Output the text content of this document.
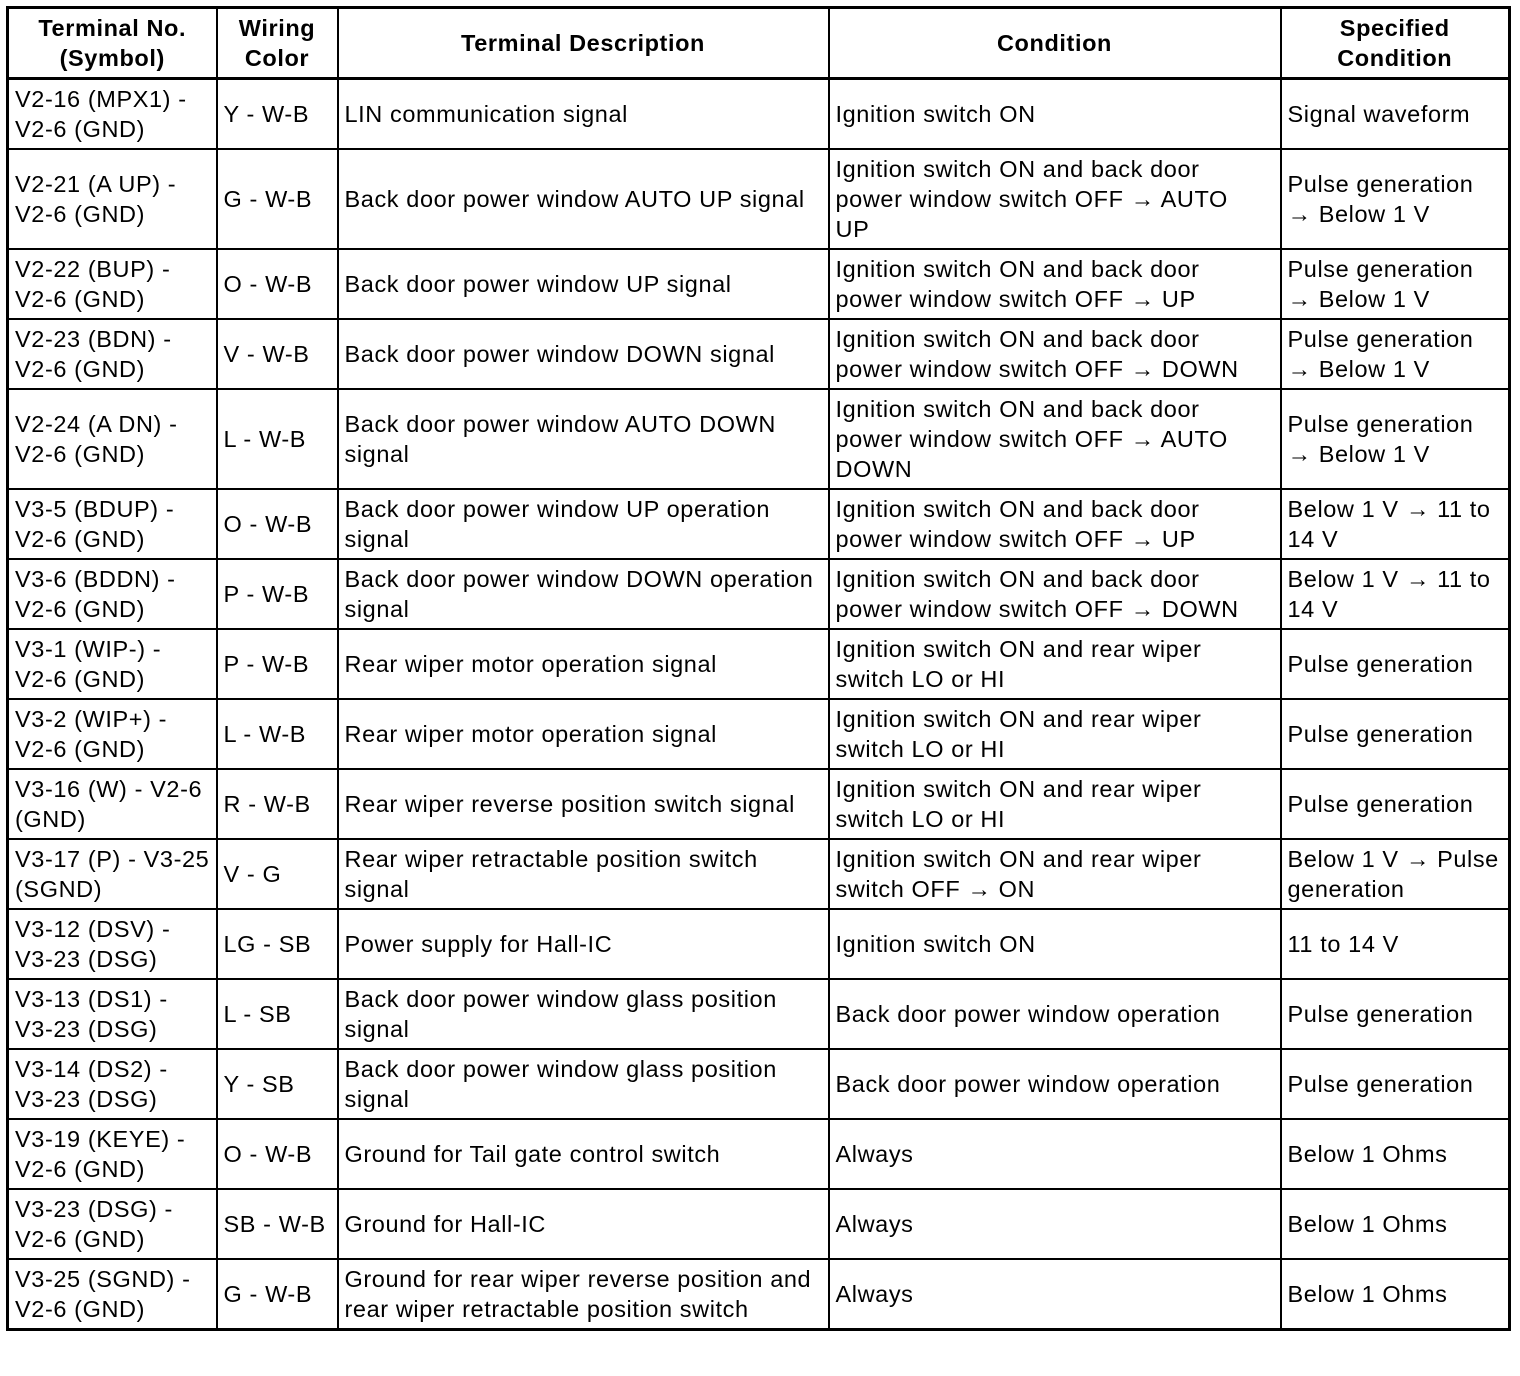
Terminal No.
(Symbol)	Wiring
Color	Terminal Description	Condition	Specified
Condition
V2-16 (MPX1) -
V2-6 (GND)	Y - W-B	LIN communication signal	Ignition switch ON	Signal waveform
V2-21 (A UP) -
V2-6 (GND)	G - W-B	Back door power window AUTO UP signal	Ignition switch ON and back door
power window switch OFF → AUTO
UP	Pulse generation
→ Below 1 V
V2-22 (BUP) -
V2-6 (GND)	O - W-B	Back door power window UP signal	Ignition switch ON and back door
power window switch OFF → UP	Pulse generation
→ Below 1 V
V2-23 (BDN) -
V2-6 (GND)	V - W-B	Back door power window DOWN signal	Ignition switch ON and back door
power window switch OFF → DOWN	Pulse generation
→ Below 1 V
V2-24 (A DN) -
V2-6 (GND)	L - W-B	Back door power window AUTO DOWN
signal	Ignition switch ON and back door
power window switch OFF → AUTO
DOWN	Pulse generation
→ Below 1 V
V3-5 (BDUP) -
V2-6 (GND)	O - W-B	Back door power window UP operation
signal	Ignition switch ON and back door
power window switch OFF → UP	Below 1 V → 11 to
14 V
V3-6 (BDDN) -
V2-6 (GND)	P - W-B	Back door power window DOWN operation
signal	Ignition switch ON and back door
power window switch OFF → DOWN	Below 1 V → 11 to
14 V
V3-1 (WIP-) -
V2-6 (GND)	P - W-B	Rear wiper motor operation signal	Ignition switch ON and rear wiper
switch LO or HI	Pulse generation
V3-2 (WIP+) -
V2-6 (GND)	L - W-B	Rear wiper motor operation signal	Ignition switch ON and rear wiper
switch LO or HI	Pulse generation
V3-16 (W) - V2-6
(GND)	R - W-B	Rear wiper reverse position switch signal	Ignition switch ON and rear wiper
switch LO or HI	Pulse generation
V3-17 (P) - V3-25
(SGND)	V - G	Rear wiper retractable position switch
signal	Ignition switch ON and rear wiper
switch OFF → ON	Below 1 V → Pulse
generation
V3-12 (DSV) -
V3-23 (DSG)	LG - SB	Power supply for Hall-IC	Ignition switch ON	11 to 14 V
V3-13 (DS1) -
V3-23 (DSG)	L - SB	Back door power window glass position
signal	Back door power window operation	Pulse generation
V3-14 (DS2) -
V3-23 (DSG)	Y - SB	Back door power window glass position
signal	Back door power window operation	Pulse generation
V3-19 (KEYE) -
V2-6 (GND)	O - W-B	Ground for Tail gate control switch	Always	Below 1 Ohms
V3-23 (DSG) -
V2-6 (GND)	SB - W-B	Ground for Hall-IC	Always	Below 1 Ohms
V3-25 (SGND) -
V2-6 (GND)	G - W-B	Ground for rear wiper reverse position and
rear wiper retractable position switch	Always	Below 1 Ohms
